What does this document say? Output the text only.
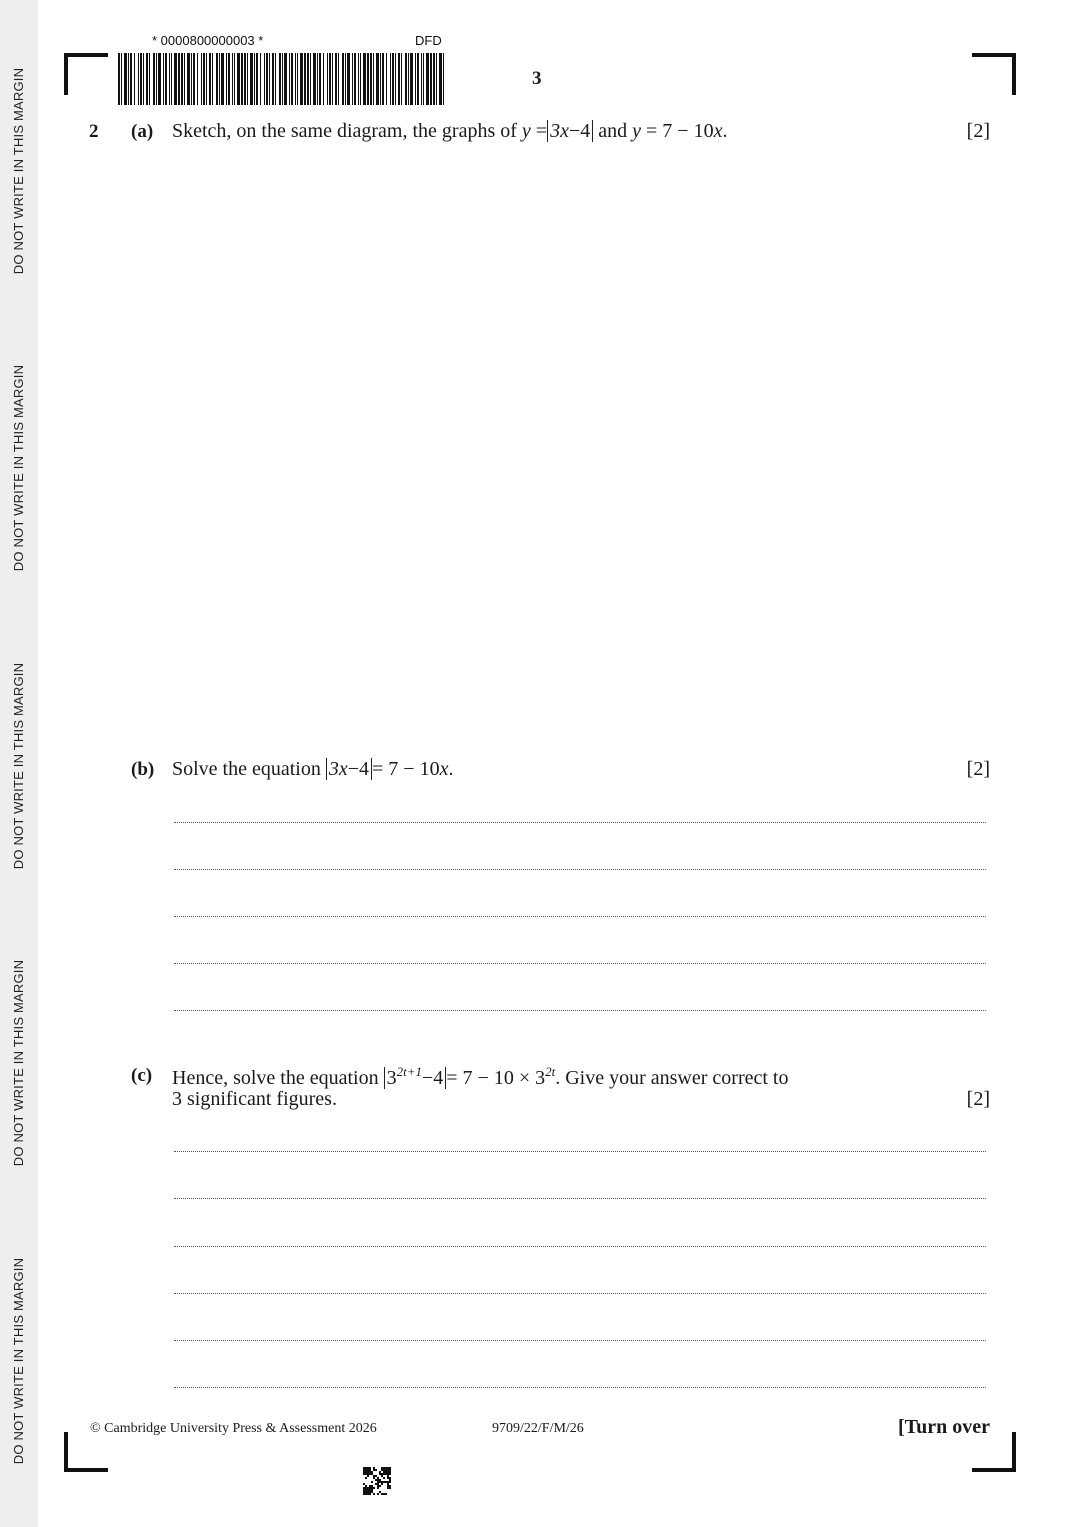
DO NOT WRITE IN THIS MARGIN
DO NOT WRITE IN THIS MARGIN
DO NOT WRITE IN THIS MARGIN
DO NOT WRITE IN THIS MARGIN
DO NOT WRITE IN THIS MARGIN
* 0000800000003 *	DFD
3
2 (a) Sketch, on the same diagram, the graphs of y = 3x−4 and y = 7 − 10x.	[2]
(b) Solve the equation 3x−4 = 7 − 10x.	[2]
(c) Hence, solve the equation $3^{2t+1}-4 = 7 - 10 \times 3^{2t}$. Give your answer correct to
3 significant figures.	[2]
© Cambridge University Press & Assessment 2026	9709/22/F/M/26	[Turn over
